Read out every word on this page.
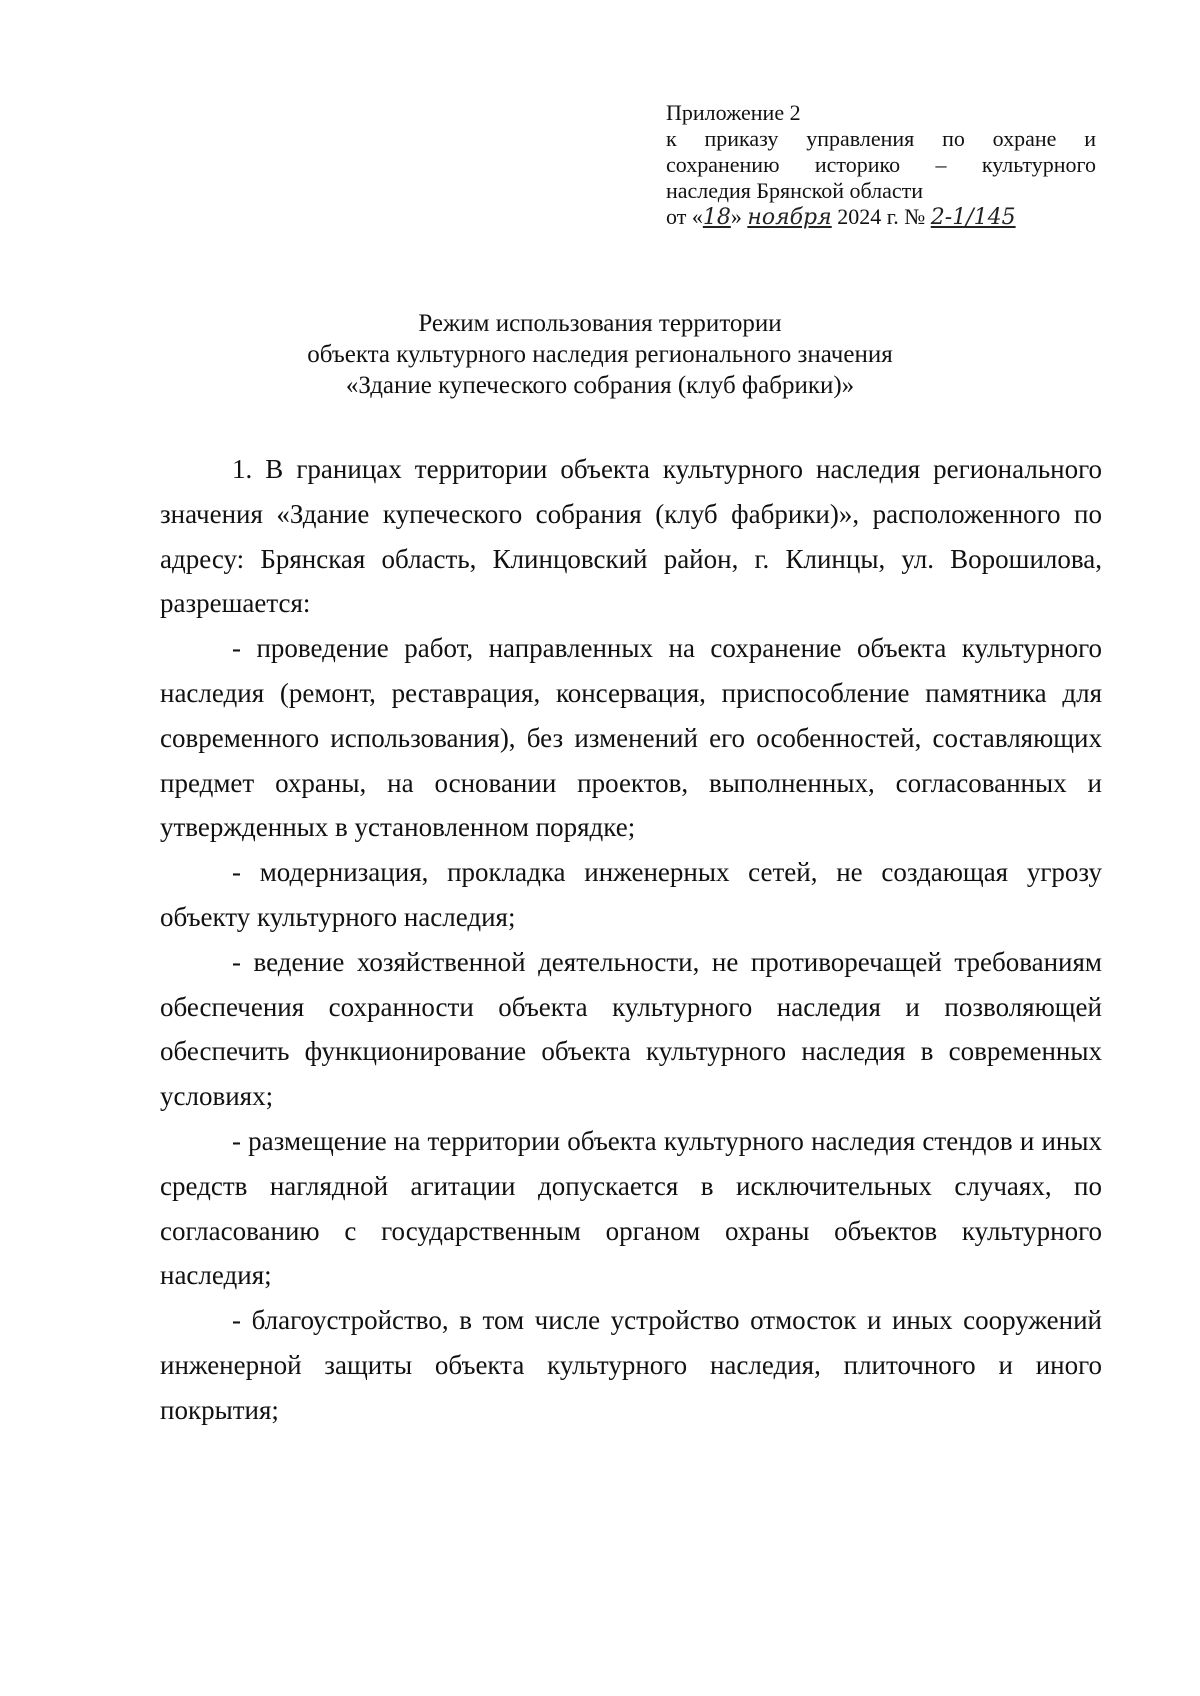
Приложение 2
к приказу управления по охране и
сохранению историко – культурного
наследия Брянской области
от «18» ноября 2024 г. № 2-1/145
Режим использования территории
объекта культурного наследия регионального значения
«Здание купеческого собрания (клуб фабрики)»

1. В границах территории объекта культурного наследия регионального значения «Здание купеческого собрания (клуб фабрики)», расположенного по адресу: Брянская область, Клинцовский район, г. Клинцы, ул. Ворошилова, разрешается:

- проведение работ, направленных на сохранение объекта культурного наследия (ремонт, реставрация, консервация, приспособление памятника для современного использования), без изменений его особенностей, составляющих предмет охраны, на основании проектов, выполненных, согласованных и утвержденных в установленном порядке;

- модернизация, прокладка инженерных сетей, не создающая угрозу объекту культурного наследия;

- ведение хозяйственной деятельности, не противоречащей требованиям обеспечения сохранности объекта культурного наследия и позволяющей обеспечить функционирование объекта культурного наследия в современных условиях;

- размещение на территории объекта культурного наследия стендов и иных средств наглядной агитации допускается в исключительных случаях, по согласованию с государственным органом охраны объектов культурного наследия;

- благоустройство, в том числе устройство отмосток и иных сооружений инженерной защиты объекта культурного наследия, плиточного и иного покрытия;
